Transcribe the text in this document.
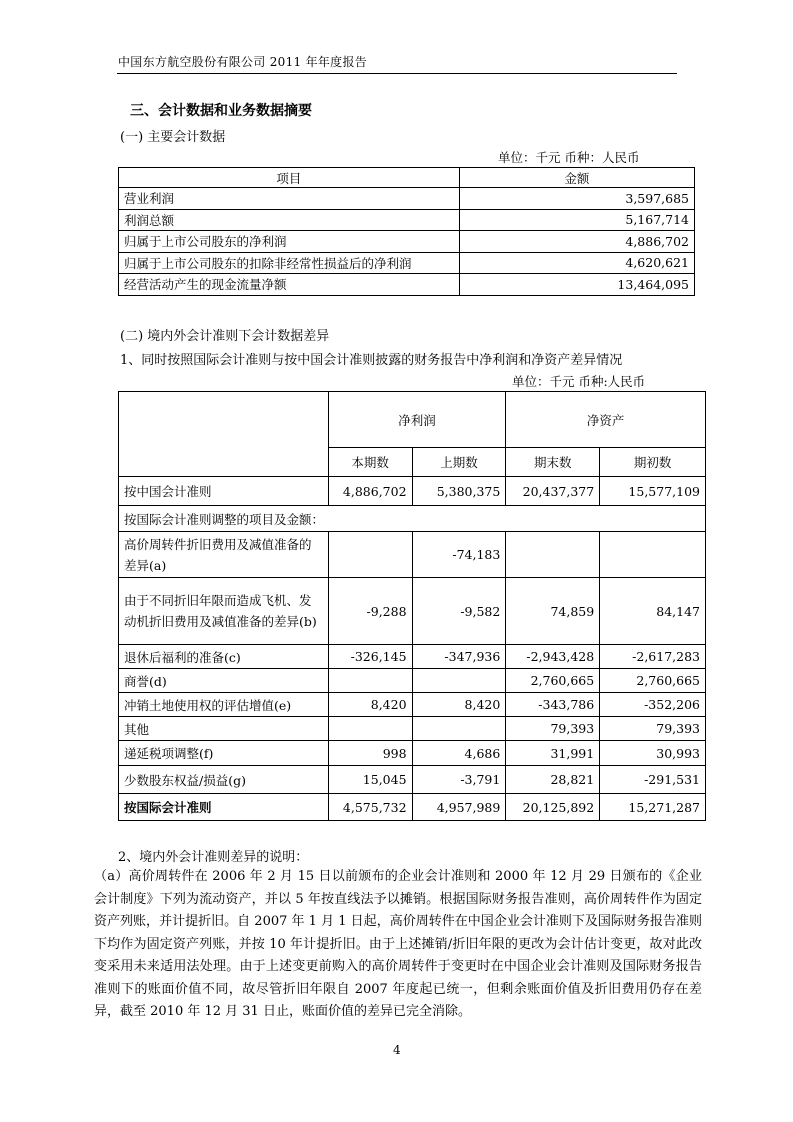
中国东方航空股份有限公司 2011 年年度报告
三、会计数据和业务数据摘要
(一) 主要会计数据
单位：千元 币种：人民币
项目	金额
营业利润	3,597,685
利润总额	5,167,714
归属于上市公司股东的净利润	4,886,702
归属于上市公司股东的扣除非经常性损益后的净利润	4,620,621
经营活动产生的现金流量净额	13,464,095
(二) 境内外会计准则下会计数据差异
1、同时按照国际会计准则与按中国会计准则披露的财务报告中净利润和净资产差异情况
单位：千元 币种:人民币
	净利润		净资产	
	本期数	上期数	期末数	期初数
按中国会计准则	4,886,702	5,380,375	20,437,377	15,577,109
按国际会计准则调整的项目及金额：				
高价周转件折旧费用及减值准备的差异(a)		-74,183		
由于不同折旧年限而造成飞机、发动机折旧费用及减值准备的差异(b)	-9,288	-9,582	74,859	84,147
退休后福利的准备(c)	-326,145	-347,936	-2,943,428	-2,617,283
商誉(d)			2,760,665	2,760,665
冲销土地使用权的评估增值(e)	8,420	8,420	-343,786	-352,206
其他			79,393	79,393
递延税项调整(f)	998	4,686	31,991	30,993
少数股东权益/损益(g)	15,045	-3,791	28,821	-291,531
按国际会计准则	4,575,732	4,957,989	20,125,892	15,271,287
2、境内外会计准则差异的说明：
（a）高价周转件在 2006 年 2 月 15 日以前颁布的企业会计准则和 2000 年 12 月 29 日颁布的《企业会计制度》下列为流动资产，并以 5 年按直线法予以摊销。根据国际财务报告准则，高价周转件作为固定资产列账，并计提折旧。自 2007 年 1 月 1 日起，高价周转件在中国企业会计准则下及国际财务报告准则下均作为固定资产列账，并按 10 年计提折旧。由于上述摊销/折旧年限的更改为会计估计变更，故对此改变采用未来适用法处理。由于上述变更前购入的高价周转件于变更时在中国企业会计准则及国际财务报告准则下的账面价值不同，故尽管折旧年限自 2007 年度起已统一，但剩余账面价值及折旧费用仍存在差异，截至 2010 年 12 月 31 日止，账面价值的差异已完全消除。
4
